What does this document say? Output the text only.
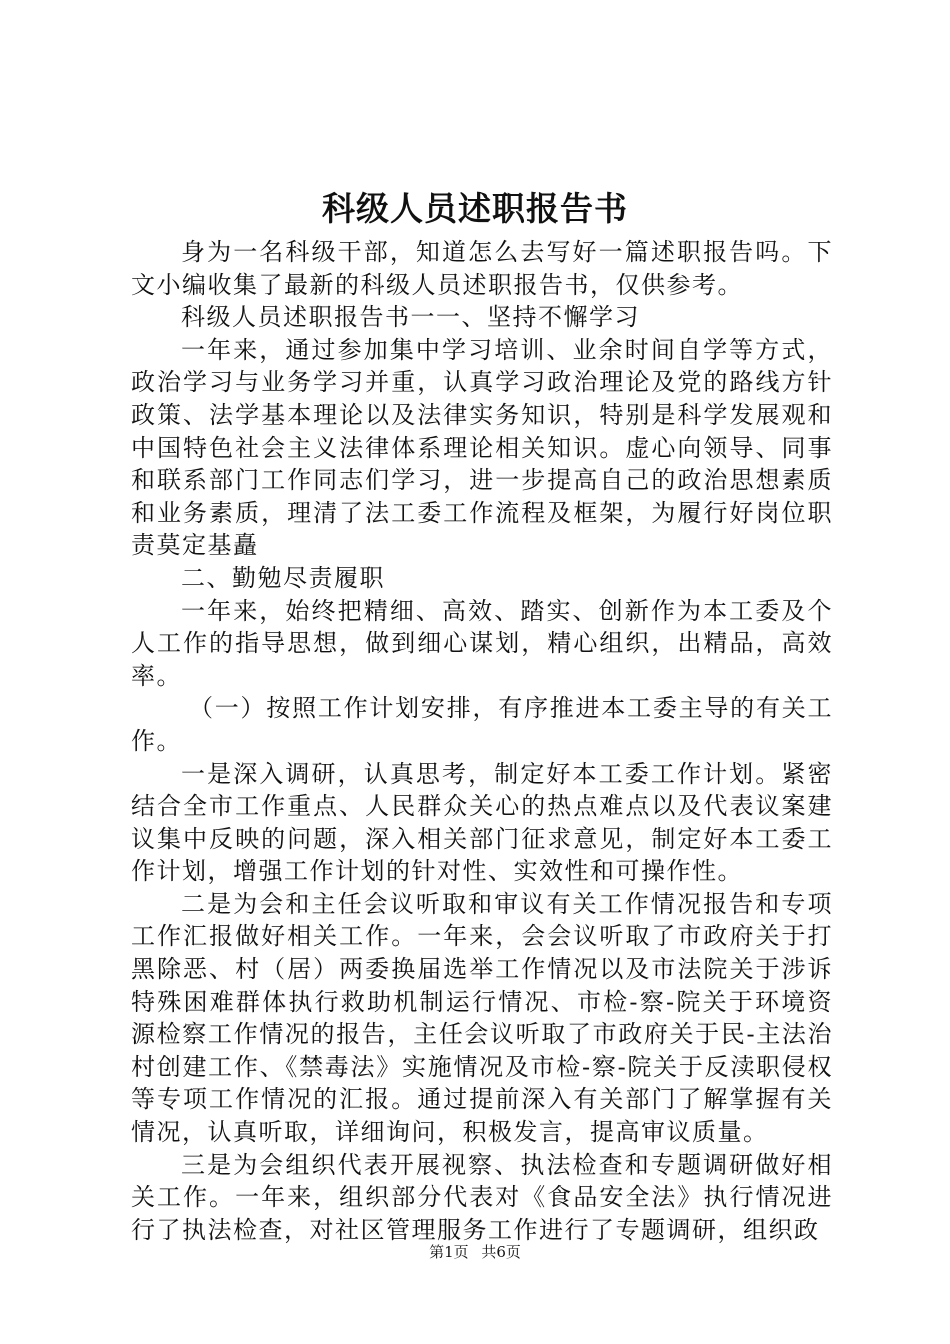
科级人员述职报告书

身为一名科级干部，知道怎么去写好一篇述职报告吗。下文小编收集了最新的科级人员述职报告书，仅供参考。

科级人员述职报告书一一、坚持不懈学习

一年来，通过参加集中学习培训、业余时间自学等方式，政治学习与业务学习并重，认真学习政治理论及党的路线方针政策、法学基本理论以及法律实务知识，特别是科学发展观和中国特色社会主义法律体系理论相关知识。虚心向领导、同事和联系部门工作同志们学习，进一步提高自己的政治思想素质和业务素质，理清了法工委工作流程及框架，为履行好岗位职责莫定基矗

二、勤勉尽责履职

一年来，始终把精细、高效、踏实、创新作为本工委及个人工作的指导思想，做到细心谋划，精心组织，出精品，高效率。

（一）按照工作计划安排，有序推进本工委主导的有关工作。

一是深入调研，认真思考，制定好本工委工作计划。紧密结合全市工作重点、人民群众关心的热点难点以及代表议案建议集中反映的问题，深入相关部门征求意见，制定好本工委工作计划，增强工作计划的针对性、实效性和可操作性。

二是为会和主任会议听取和审议有关工作情况报告和专项工作汇报做好相关工作。一年来，会会议听取了市政府关于打黑除恶、村（居）两委换届选举工作情况以及市法院关于涉诉特殊困难群体执行救助机制运行情况、市检-察-院关于环境资源检察工作情况的报告，主任会议听取了市政府关于民-主法治村创建工作、《禁毒法》实施情况及市检-察-院关于反渎职侵权等专项工作情况的汇报。通过提前深入有关部门了解掌握有关情况，认真听取，详细询问，积极发言，提高审议质量。

三是为会组织代表开展视察、执法检查和专题调研做好相关工作。一年来，组织部分代表对《食品安全法》执行情况进行了执法检查，对社区管理服务工作进行了专题调研，组织政

第1页 共6页
